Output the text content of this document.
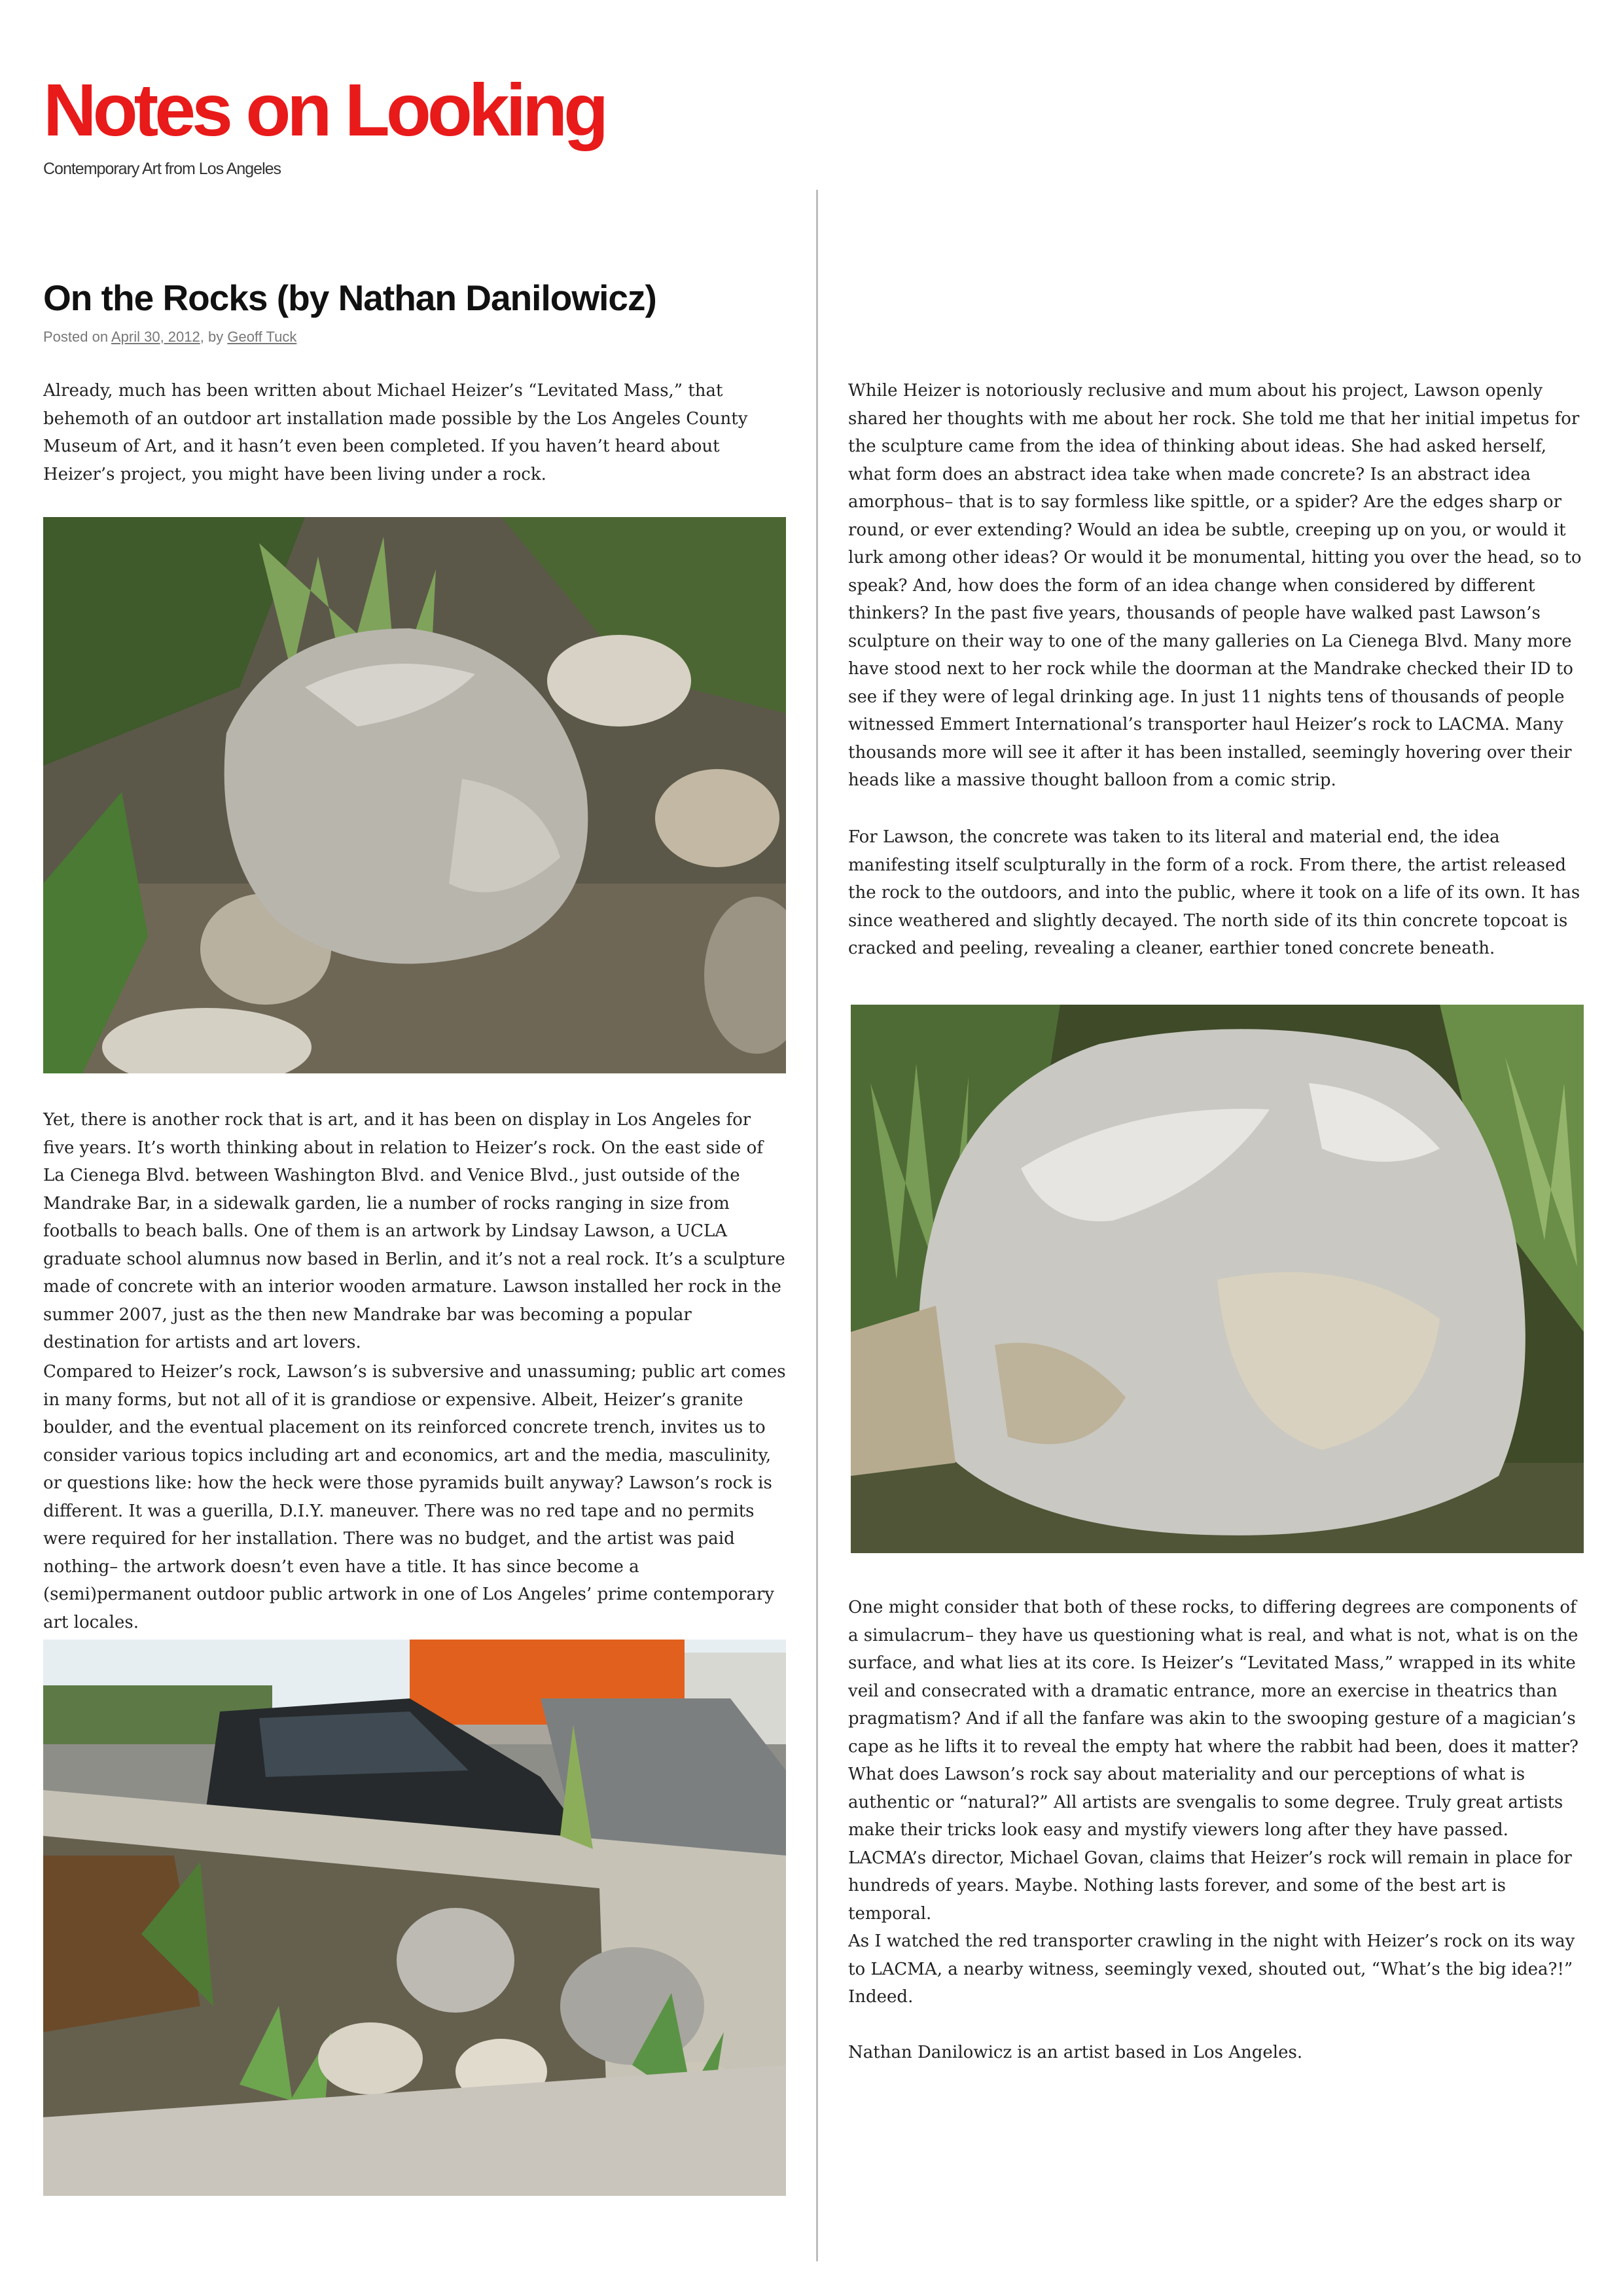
Notes on Looking
Contemporary Art from Los Angeles
On the Rocks (by Nathan Danilowicz)
Posted on April 30, 2012, by Geoff Tuck

Already, much has been written about Michael Heizer’s “Levitated Mass,” that behemoth of an outdoor art installation made possible by the Los Angeles County Museum of Art, and it hasn’t even been completed. If you haven’t heard about Heizer’s project, you might have been living under a rock.

Yet, there is another rock that is art, and it has been on display in Los Angeles for five years. It’s worth thinking about in relation to Heizer’s rock. On the east side of La Cienega Blvd. between Washington Blvd. and Venice Blvd., just outside of the Mandrake Bar, in a sidewalk garden, lie a number of rocks ranging in size from footballs to beach balls. One of them is an artwork by Lindsay Lawson, a UCLA graduate school alumnus now based in Berlin, and it’s not a real rock. It’s a sculpture made of concrete with an interior wooden armature. Lawson installed her rock in the summer 2007, just as the then new Mandrake bar was becoming a popular destination for artists and art lovers.

Compared to Heizer’s rock, Lawson’s is subversive and unassuming; public art comes in many forms, but not all of it is grandiose or expensive. Albeit, Heizer’s granite boulder, and the eventual placement on its reinforced concrete trench, invites us to consider various topics including art and economics, art and the media, masculinity, or questions like: how the heck were those pyramids built anyway? Lawson’s rock is different. It was a guerilla, D.I.Y. maneuver. There was no red tape and no permits were required for her installation. There was no budget, and the artist was paid nothing– the artwork doesn’t even have a title. It has since become a (semi)permanent outdoor public artwork in one of Los Angeles’ prime contemporary art locales.

While Heizer is notoriously reclusive and mum about his project, Lawson openly shared her thoughts with me about her rock. She told me that her initial impetus for the sculpture came from the idea of thinking about ideas. She had asked herself, what form does an abstract idea take when made concrete? Is an abstract idea amorphous– that is to say formless like spittle, or a spider? Are the edges sharp or round, or ever extending? Would an idea be subtle, creeping up on you, or would it lurk among other ideas? Or would it be monumental, hitting you over the head, so to speak? And, how does the form of an idea change when considered by different thinkers? In the past five years, thousands of people have walked past Lawson’s sculpture on their way to one of the many galleries on La Cienega Blvd. Many more have stood next to her rock while the doorman at the Mandrake checked their ID to see if they were of legal drinking age. In just 11 nights tens of thousands of people witnessed Emmert International’s transporter haul Heizer’s rock to LACMA. Many thousands more will see it after it has been installed, seemingly hovering over their heads like a massive thought balloon from a comic strip.

For Lawson, the concrete was taken to its literal and material end, the idea manifesting itself sculpturally in the form of a rock. From there, the artist released the rock to the outdoors, and into the public, where it took on a life of its own. It has since weathered and slightly decayed. The north side of its thin concrete topcoat is cracked and peeling, revealing a cleaner, earthier toned concrete beneath.

One might consider that both of these rocks, to differing degrees are components of a simulacrum– they have us questioning what is real, and what is not, what is on the surface, and what lies at its core. Is Heizer’s “Levitated Mass,” wrapped in its white veil and consecrated with a dramatic entrance, more an exercise in theatrics than pragmatism? And if all the fanfare was akin to the swooping gesture of a magician’s cape as he lifts it to reveal the empty hat where the rabbit had been, does it matter? What does Lawson’s rock say about materiality and our perceptions of what is authentic or “natural?” All artists are svengalis to some degree. Truly great artists make their tricks look easy and mystify viewers long after they have passed. LACMA’s director, Michael Govan, claims that Heizer’s rock will remain in place for hundreds of years. Maybe. Nothing lasts forever, and some of the best art is temporal.

As I watched the red transporter crawling in the night with Heizer’s rock on its way to LACMA, a nearby witness, seemingly vexed, shouted out, “What’s the big idea?!” Indeed.

Nathan Danilowicz is an artist based in Los Angeles.
